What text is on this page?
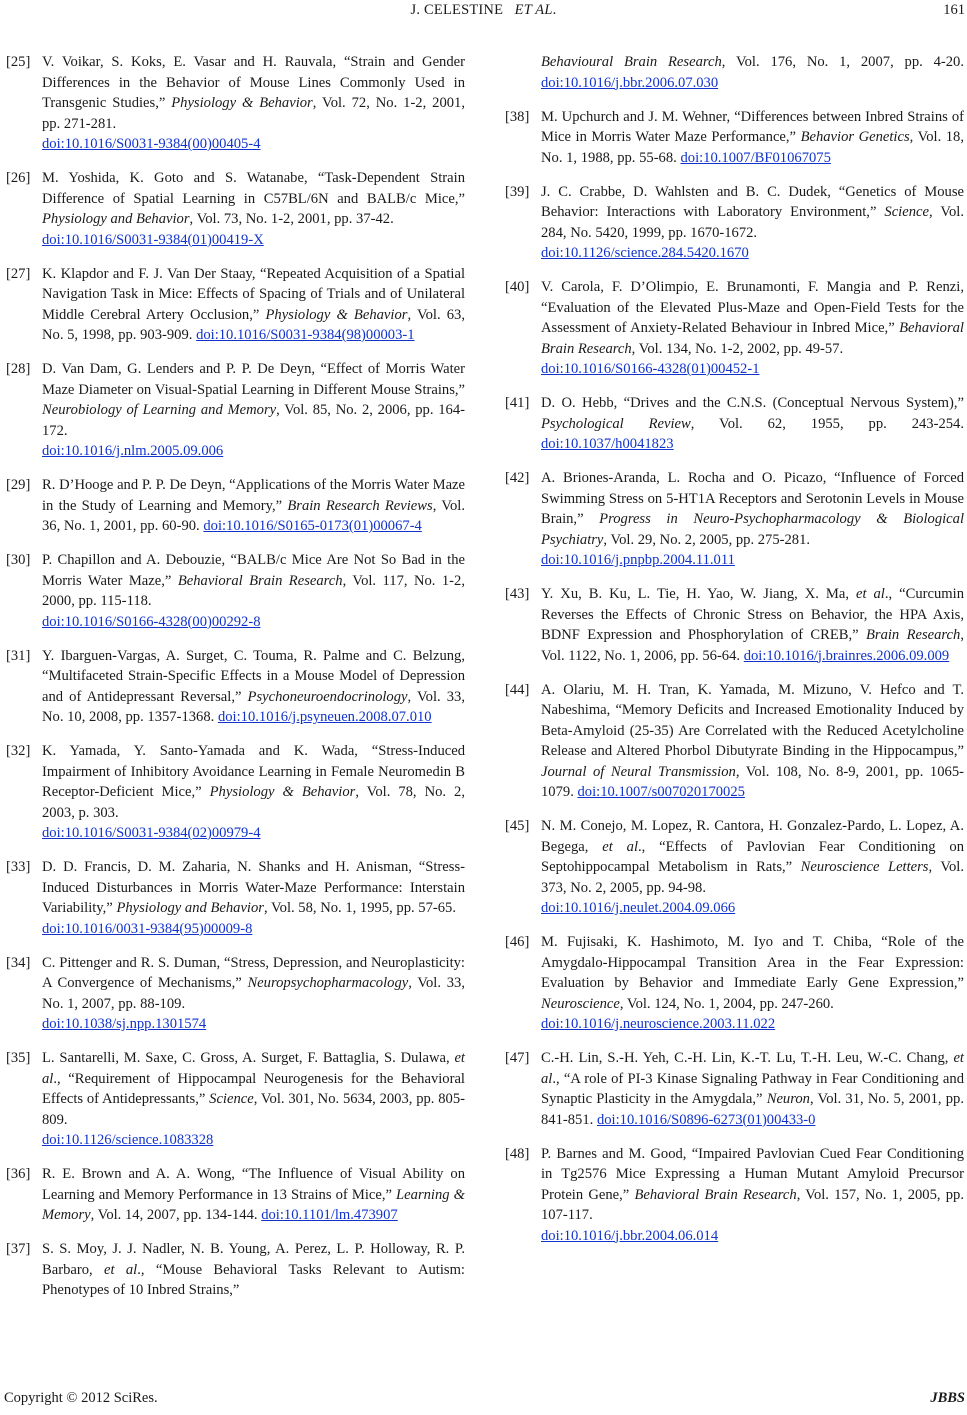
J. CELESTINE ET AL.	161
[25] V. Voikar, S. Koks, E. Vasar and H. Rauvala, “Strain and Gender Differences in the Behavior of Mouse Lines Commonly Used in Transgenic Studies,” Physiology & Behavior, Vol. 72, No. 1-2, 2001, pp. 271-281.
doi:10.1016/S0031-9384(00)00405-4
[26] M. Yoshida, K. Goto and S. Watanabe, “Task-Dependent Strain Difference of Spatial Learning in C57BL/6N and BALB/c Mice,” Physiology and Behavior, Vol. 73, No. 1-2, 2001, pp. 37-42.
doi:10.1016/S0031-9384(01)00419-X
[27] K. Klapdor and F. J. Van Der Staay, “Repeated Acquisition of a Spatial Navigation Task in Mice: Effects of Spacing of Trials and of Unilateral Middle Cerebral Artery Occlusion,” Physiology & Behavior, Vol. 63, No. 5, 1998, pp. 903-909. doi:10.1016/S0031-9384(98)00003-1
[28] D. Van Dam, G. Lenders and P. P. De Deyn, “Effect of Morris Water Maze Diameter on Visual-Spatial Learning in Different Mouse Strains,” Neurobiology of Learning and Memory, Vol. 85, No. 2, 2006, pp. 164-172.
doi:10.1016/j.nlm.2005.09.006
[29] R. D’Hooge and P. P. De Deyn, “Applications of the Morris Water Maze in the Study of Learning and Memory,” Brain Research Reviews, Vol. 36, No. 1, 2001, pp. 60-90. doi:10.1016/S0165-0173(01)00067-4
[30] P. Chapillon and A. Debouzie, “BALB/c Mice Are Not So Bad in the Morris Water Maze,” Behavioral Brain Research, Vol. 117, No. 1-2, 2000, pp. 115-118.
doi:10.1016/S0166-4328(00)00292-8
[31] Y. Ibarguen-Vargas, A. Surget, C. Touma, R. Palme and C. Belzung, “Multifaceted Strain-Specific Effects in a Mouse Model of Depression and of Antidepressant Reversal,” Psychoneuroendocrinology, Vol. 33, No. 10, 2008, pp. 1357-1368. doi:10.1016/j.psyneuen.2008.07.010
[32] K. Yamada, Y. Santo-Yamada and K. Wada, “Stress-Induced Impairment of Inhibitory Avoidance Learning in Female Neuromedin B Receptor-Deficient Mice,” Physiology & Behavior, Vol. 78, No. 2, 2003, p. 303.
doi:10.1016/S0031-9384(02)00979-4
[33] D. D. Francis, D. M. Zaharia, N. Shanks and H. Anisman, “Stress-Induced Disturbances in Morris Water-Maze Performance: Interstain Variability,” Physiology and Behavior, Vol. 58, No. 1, 1995, pp. 57-65.
doi:10.1016/0031-9384(95)00009-8
[34] C. Pittenger and R. S. Duman, “Stress, Depression, and Neuroplasticity: A Convergence of Mechanisms,” Neuropsychopharmacology, Vol. 33, No. 1, 2007, pp. 88-109.
doi:10.1038/sj.npp.1301574
[35] L. Santarelli, M. Saxe, C. Gross, A. Surget, F. Battaglia, S. Dulawa, et al., “Requirement of Hippocampal Neurogenesis for the Behavioral Effects of Antidepressants,” Science, Vol. 301, No. 5634, 2003, pp. 805-809.
doi:10.1126/science.1083328
[36] R. E. Brown and A. A. Wong, “The Influence of Visual Ability on Learning and Memory Performance in 13 Strains of Mice,” Learning & Memory, Vol. 14, 2007, pp. 134-144. doi:10.1101/lm.473907
[37] S. S. Moy, J. J. Nadler, N. B. Young, A. Perez, L. P. Holloway, R. P. Barbaro, et al., “Mouse Behavioral Tasks Relevant to Autism: Phenotypes of 10 Inbred Strains,”
Behavioural Brain Research, Vol. 176, No. 1, 2007, pp. 4-20. doi:10.1016/j.bbr.2006.07.030
[38] M. Upchurch and J. M. Wehner, “Differences between Inbred Strains of Mice in Morris Water Maze Performance,” Behavior Genetics, Vol. 18, No. 1, 1988, pp. 55-68. doi:10.1007/BF01067075
[39] J. C. Crabbe, D. Wahlsten and B. C. Dudek, “Genetics of Mouse Behavior: Interactions with Laboratory Environment,” Science, Vol. 284, No. 5420, 1999, pp. 1670-1672.
doi:10.1126/science.284.5420.1670
[40] V. Carola, F. D’Olimpio, E. Brunamonti, F. Mangia and P. Renzi, “Evaluation of the Elevated Plus-Maze and Open-Field Tests for the Assessment of Anxiety-Related Behaviour in Inbred Mice,” Behavioral Brain Research, Vol. 134, No. 1-2, 2002, pp. 49-57.
doi:10.1016/S0166-4328(01)00452-1
[41] D. O. Hebb, “Drives and the C.N.S. (Conceptual Nervous System),” Psychological Review, Vol. 62, 1955, pp. 243-254. doi:10.1037/h0041823
[42] A. Briones-Aranda, L. Rocha and O. Picazo, “Influence of Forced Swimming Stress on 5-HT1A Receptors and Serotonin Levels in Mouse Brain,” Progress in Neuro-Psychopharmacology & Biological Psychiatry, Vol. 29, No. 2, 2005, pp. 275-281.
doi:10.1016/j.pnpbp.2004.11.011
[43] Y. Xu, B. Ku, L. Tie, H. Yao, W. Jiang, X. Ma, et al., “Curcumin Reverses the Effects of Chronic Stress on Behavior, the HPA Axis, BDNF Expression and Phosphorylation of CREB,” Brain Research, Vol. 1122, No. 1, 2006, pp. 56-64. doi:10.1016/j.brainres.2006.09.009
[44] A. Olariu, M. H. Tran, K. Yamada, M. Mizuno, V. Hefco and T. Nabeshima, “Memory Deficits and Increased Emotionality Induced by Beta-Amyloid (25-35) Are Correlated with the Reduced Acetylcholine Release and Altered Phorbol Dibutyrate Binding in the Hippocampus,” Journal of Neural Transmission, Vol. 108, No. 8-9, 2001, pp. 1065-1079. doi:10.1007/s007020170025
[45] N. M. Conejo, M. Lopez, R. Cantora, H. Gonzalez-Pardo, L. Lopez, A. Begega, et al., “Effects of Pavlovian Fear Conditioning on Septohippocampal Metabolism in Rats,” Neuroscience Letters, Vol. 373, No. 2, 2005, pp. 94-98.
doi:10.1016/j.neulet.2004.09.066
[46] M. Fujisaki, K. Hashimoto, M. Iyo and T. Chiba, “Role of the Amygdalo-Hippocampal Transition Area in the Fear Expression: Evaluation by Behavior and Immediate Early Gene Expression,” Neuroscience, Vol. 124, No. 1, 2004, pp. 247-260.
doi:10.1016/j.neuroscience.2003.11.022
[47] C.-H. Lin, S.-H. Yeh, C.-H. Lin, K.-T. Lu, T.-H. Leu, W.-C. Chang, et al., “A role of PI-3 Kinase Signaling Pathway in Fear Conditioning and Synaptic Plasticity in the Amygdala,” Neuron, Vol. 31, No. 5, 2001, pp. 841-851. doi:10.1016/S0896-6273(01)00433-0
[48] P. Barnes and M. Good, “Impaired Pavlovian Cued Fear Conditioning in Tg2576 Mice Expressing a Human Mutant Amyloid Precursor Protein Gene,” Behavioral Brain Research, Vol. 157, No. 1, 2005, pp. 107-117.
doi:10.1016/j.bbr.2004.06.014
Copyright © 2012 SciRes.	JBBS
